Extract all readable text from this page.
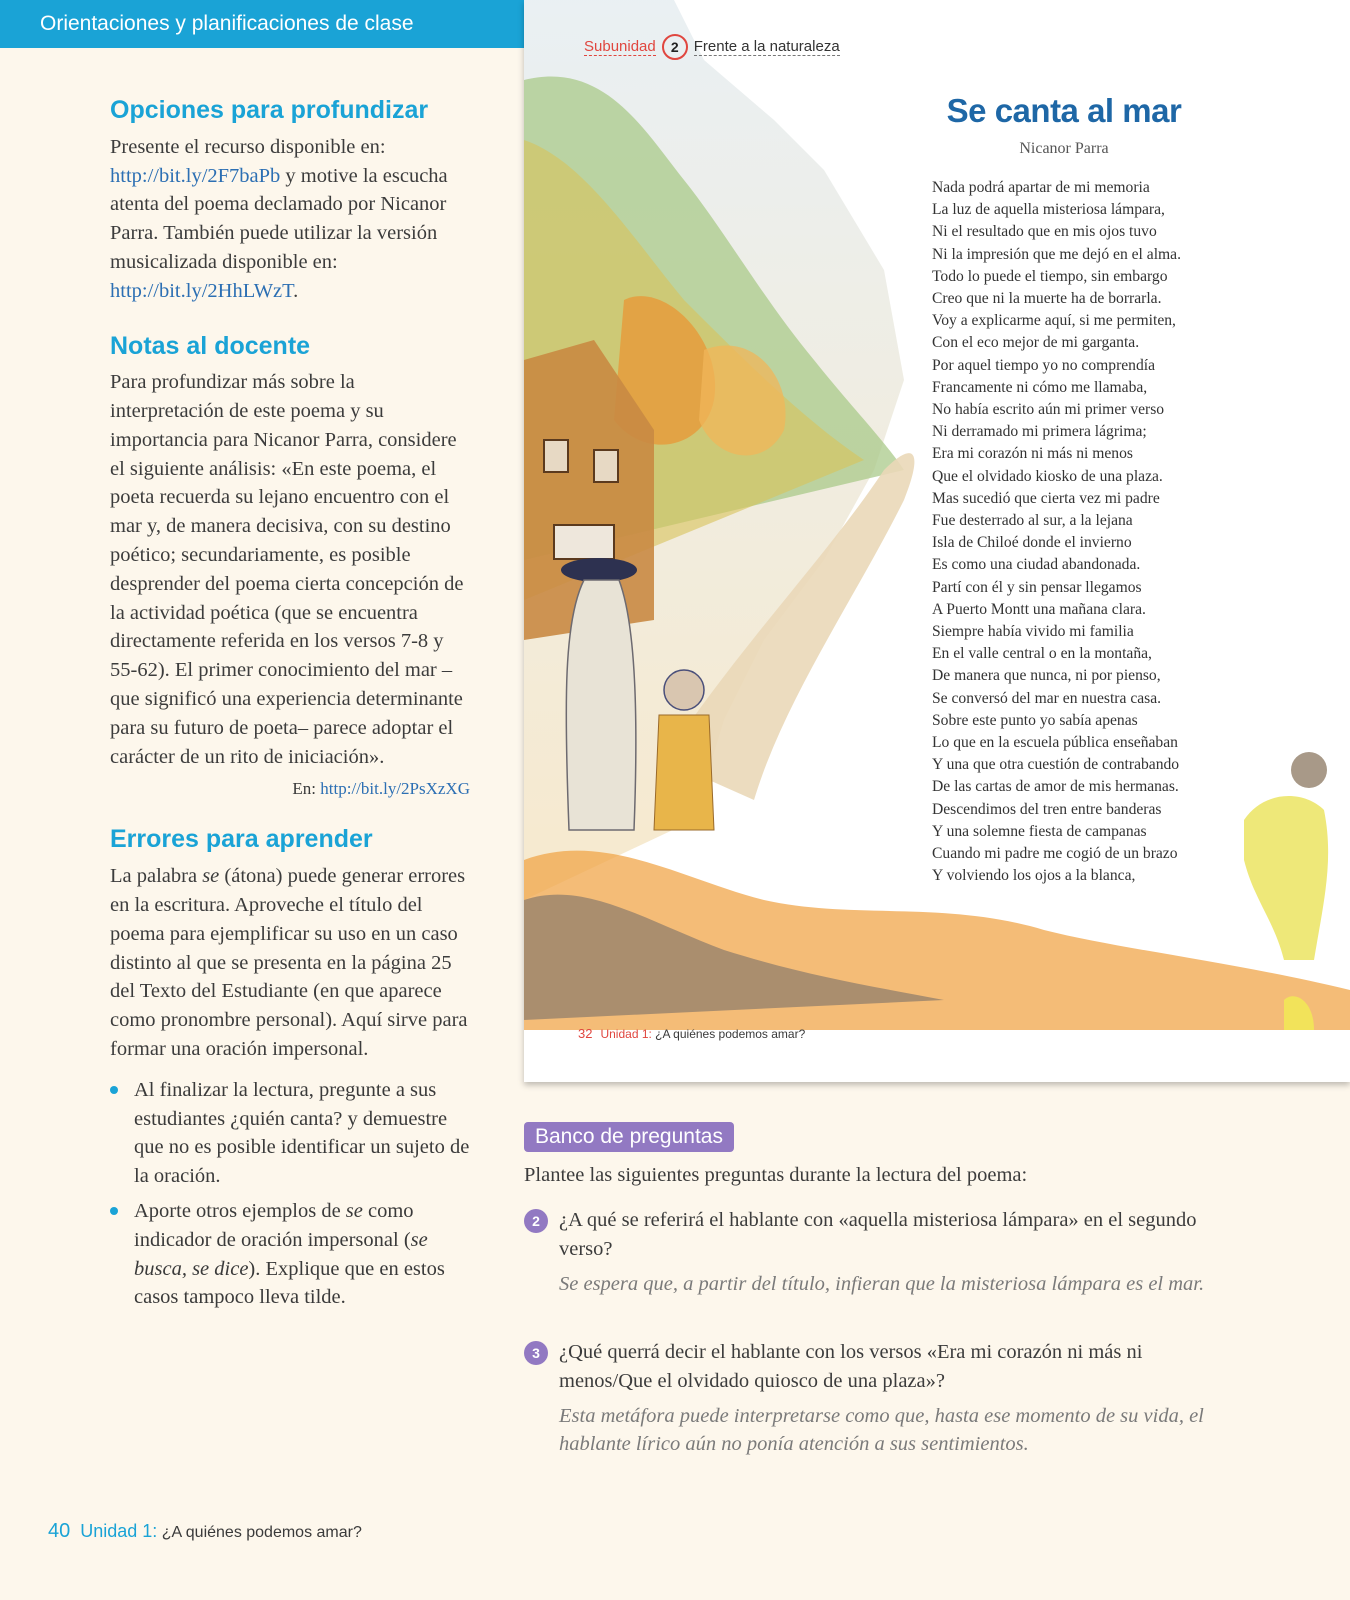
Orientaciones y planificaciones de clase
Opciones para profundizar

Presente el recurso disponible en: http://bit.ly/2F7baPb y motive la escucha atenta del poema declamado por Nicanor Parra. También puede utilizar la versión musicalizada disponible en: http://bit.ly/2HhLWzT.

Notas al docente

Para profundizar más sobre la interpretación de este poema y su importancia para Nicanor Parra, considere el siguiente análisis: «En este poema, el poeta recuerda su lejano encuentro con el mar y, de manera decisiva, con su destino poético; secundariamente, es posible desprender del poema cierta concepción de la actividad poética (que se encuentra directamente referida en los versos 7-8 y 55-62). El primer conocimiento del mar –que significó una experiencia determinante para su futuro de poeta– parece adoptar el carácter de un rito de iniciación».

En: http://bit.ly/2PsXzXG
Errores para aprender

La palabra se (átona) puede generar errores en la escritura. Aproveche el título del poema para ejemplificar su uso en un caso distinto al que se presenta en la página 25 del Texto del Estudiante (en que aparece como pronombre personal). Aquí sirve para formar una oración impersonal.

Al finalizar la lectura, pregunte a sus estudiantes ¿quién canta? y demuestre que no es posible identificar un sujeto de la oración.
Aporte otros ejemplos de se como indicador de oración impersonal (se busca, se dice). Explique que en estos casos tampoco lleva tilde.
40 Unidad 1: ¿A quiénes podemos amar?
Subunidad	2	Frente a la naturaleza
Se canta al mar
Nicanor Parra
Nada podrá apartar de mi memoria
La luz de aquella misteriosa lámpara,
Ni el resultado que en mis ojos tuvo
Ni la impresión que me dejó en el alma.
Todo lo puede el tiempo, sin embargo
Creo que ni la muerte ha de borrarla.
Voy a explicarme aquí, si me permiten,
Con el eco mejor de mi garganta.
Por aquel tiempo yo no comprendía
Francamente ni cómo me llamaba,
No había escrito aún mi primer verso
Ni derramado mi primera lágrima;
Era mi corazón ni más ni menos
Que el olvidado kiosko de una plaza.
Mas sucedió que cierta vez mi padre
Fue desterrado al sur, a la lejana
Isla de Chiloé donde el invierno
Es como una ciudad abandonada.
Partí con él y sin pensar llegamos
A Puerto Montt una mañana clara.
Siempre había vivido mi familia
En el valle central o en la montaña,
De manera que nunca, ni por pienso,
Se conversó del mar en nuestra casa.
Sobre este punto yo sabía apenas
Lo que en la escuela pública enseñaban
Y una que otra cuestión de contrabando
De las cartas de amor de mis hermanas.
Descendimos del tren entre banderas
Y una solemne fiesta de campanas
Cuando mi padre me cogió de un brazo
Y volviendo los ojos a la blanca,
32 Unidad 1: ¿A quiénes podemos amar?
Banco de preguntas
Plantee las siguientes preguntas durante la lectura del poema:
2 ¿A qué se referirá el hablante con «aquella misteriosa lámpara» en el segundo verso?
Se espera que, a partir del título, infieran que la misteriosa lámpara es el mar.
3 ¿Qué querrá decir el hablante con los versos «Era mi corazón ni más ni menos/Que el olvidado quiosco de una plaza»?
Esta metáfora puede interpretarse como que, hasta ese momento de su vida, el hablante lírico aún no ponía atención a sus sentimientos.
